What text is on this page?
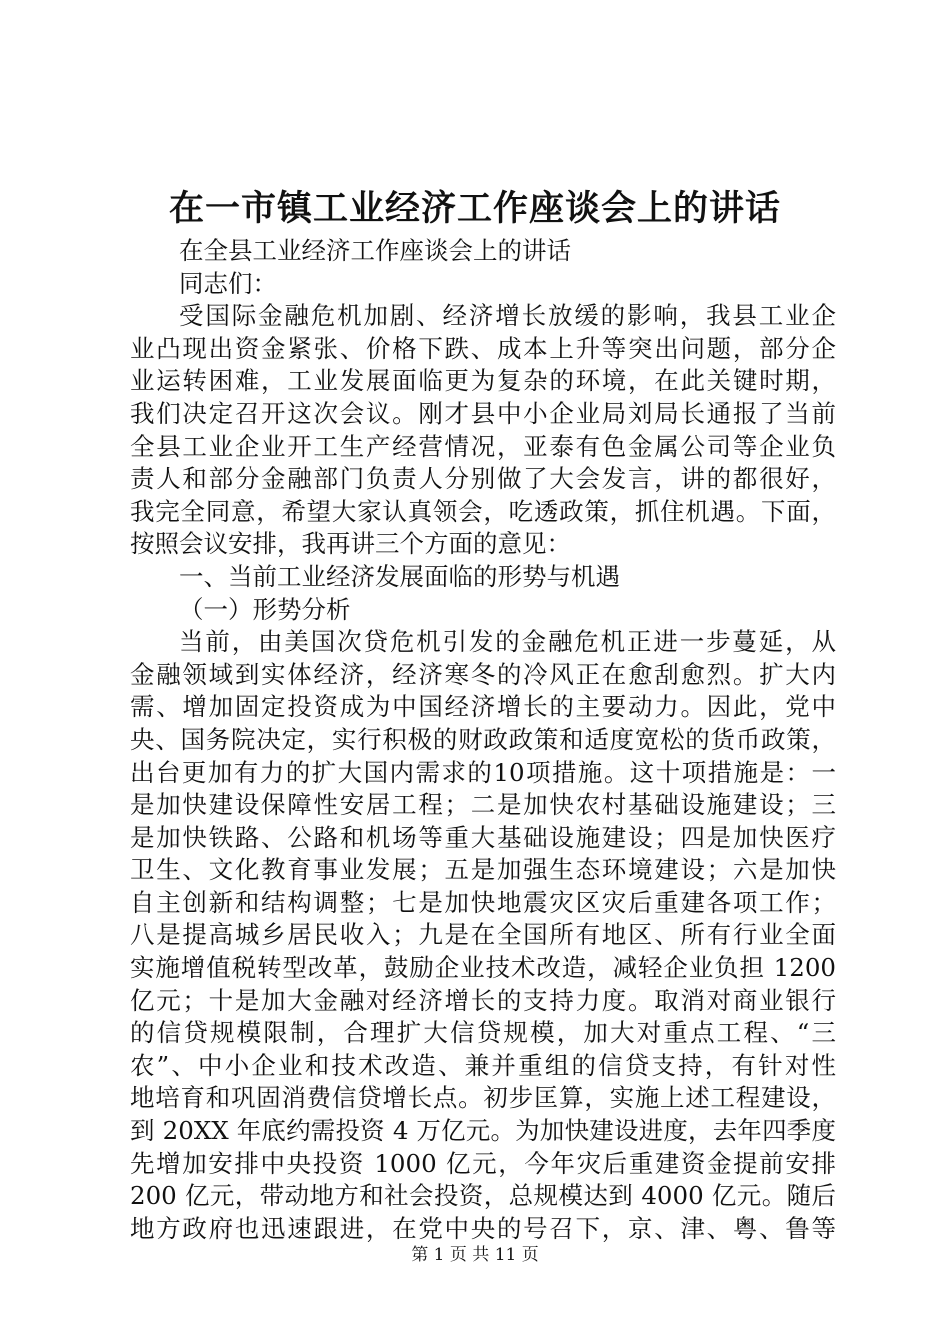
在一市镇工业经济工作座谈会上的讲话
在全县工业经济工作座谈会上的讲话
同志们：
受国际金融危机加剧、经济增长放缓的影响，我县工业企
业凸现出资金紧张、价格下跌、成本上升等突出问题，部分企
业运转困难，工业发展面临更为复杂的环境，在此关键时期，
我们决定召开这次会议。刚才县中小企业局刘局长通报了当前
全县工业企业开工生产经营情况，亚泰有色金属公司等企业负
责人和部分金融部门负责人分别做了大会发言，讲的都很好，
我完全同意，希望大家认真领会，吃透政策，抓住机遇。下面，
按照会议安排，我再讲三个方面的意见：
一、当前工业经济发展面临的形势与机遇
（一）形势分析
当前，由美国次贷危机引发的金融危机正进一步蔓延，从
金融领域到实体经济，经济寒冬的冷风正在愈刮愈烈。扩大内
需、增加固定投资成为中国经济增长的主要动力。因此，党中
央、国务院决定，实行积极的财政政策和适度宽松的货币政策，
出台更加有力的扩大国内需求的10项措施。这十项措施是：一
是加快建设保障性安居工程；二是加快农村基础设施建设；三
是加快铁路、公路和机场等重大基础设施建设；四是加快医疗
卫生、文化教育事业发展；五是加强生态环境建设；六是加快
自主创新和结构调整；七是加快地震灾区灾后重建各项工作；
八是提高城乡居民收入；九是在全国所有地区、所有行业全面
实施增值税转型改革，鼓励企业技术改造，减轻企业负担 1200
亿元；十是加大金融对经济增长的支持力度。取消对商业银行
的信贷规模限制，合理扩大信贷规模，加大对重点工程、“三
农”、中小企业和技术改造、兼并重组的信贷支持，有针对性
地培育和巩固消费信贷增长点。初步匡算，实施上述工程建设，
到 20XX 年底约需投资 4 万亿元。为加快建设进度，去年四季度
先增加安排中央投资 1000 亿元，今年灾后重建资金提前安排
200 亿元，带动地方和社会投资，总规模达到 4000 亿元。随后
地方政府也迅速跟进，在党中央的号召下，京、津、粤、鲁等
第 1 页 共 11 页
